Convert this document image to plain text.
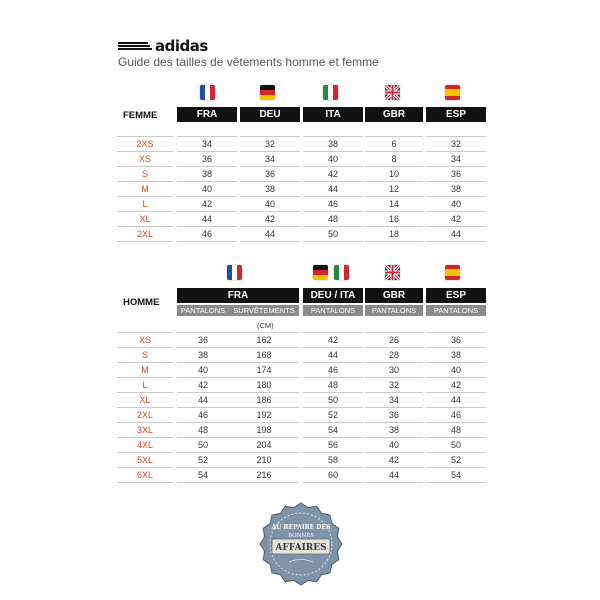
adidas
Guide des tailles de vêtements homme et femme
FEMME	FRA	DEU	ITA	GBR	ESP
2XS	34	32	38	6	32
XS	36	34	40	8	34
S	38	36	42	10	36
M	40	38	44	12	38
L	42	40	46	14	40
XL	44	42	48	16	42
2XL	46	44	50	18	44
HOMME
FRA	DEU / ITA	GBR	ESP
PANTALONS	SURVÊTEMENTS	PANTALONS	PANTALONS	PANTALONS
(CM)
XS	36	162	42	26	36
S	38	168	44	28	38
M	40	174	46	30	40
L	42	180	48	32	42
XL	44	186	50	34	44
2XL	46	192	52	36	46
3XL	48	198	54	38	48
4XL	50	204	56	40	50
5XL	52	210	58	42	52
6XL	54	216	60	44	54
AU REPAIRE DES
BONNES
AFFAIRES
